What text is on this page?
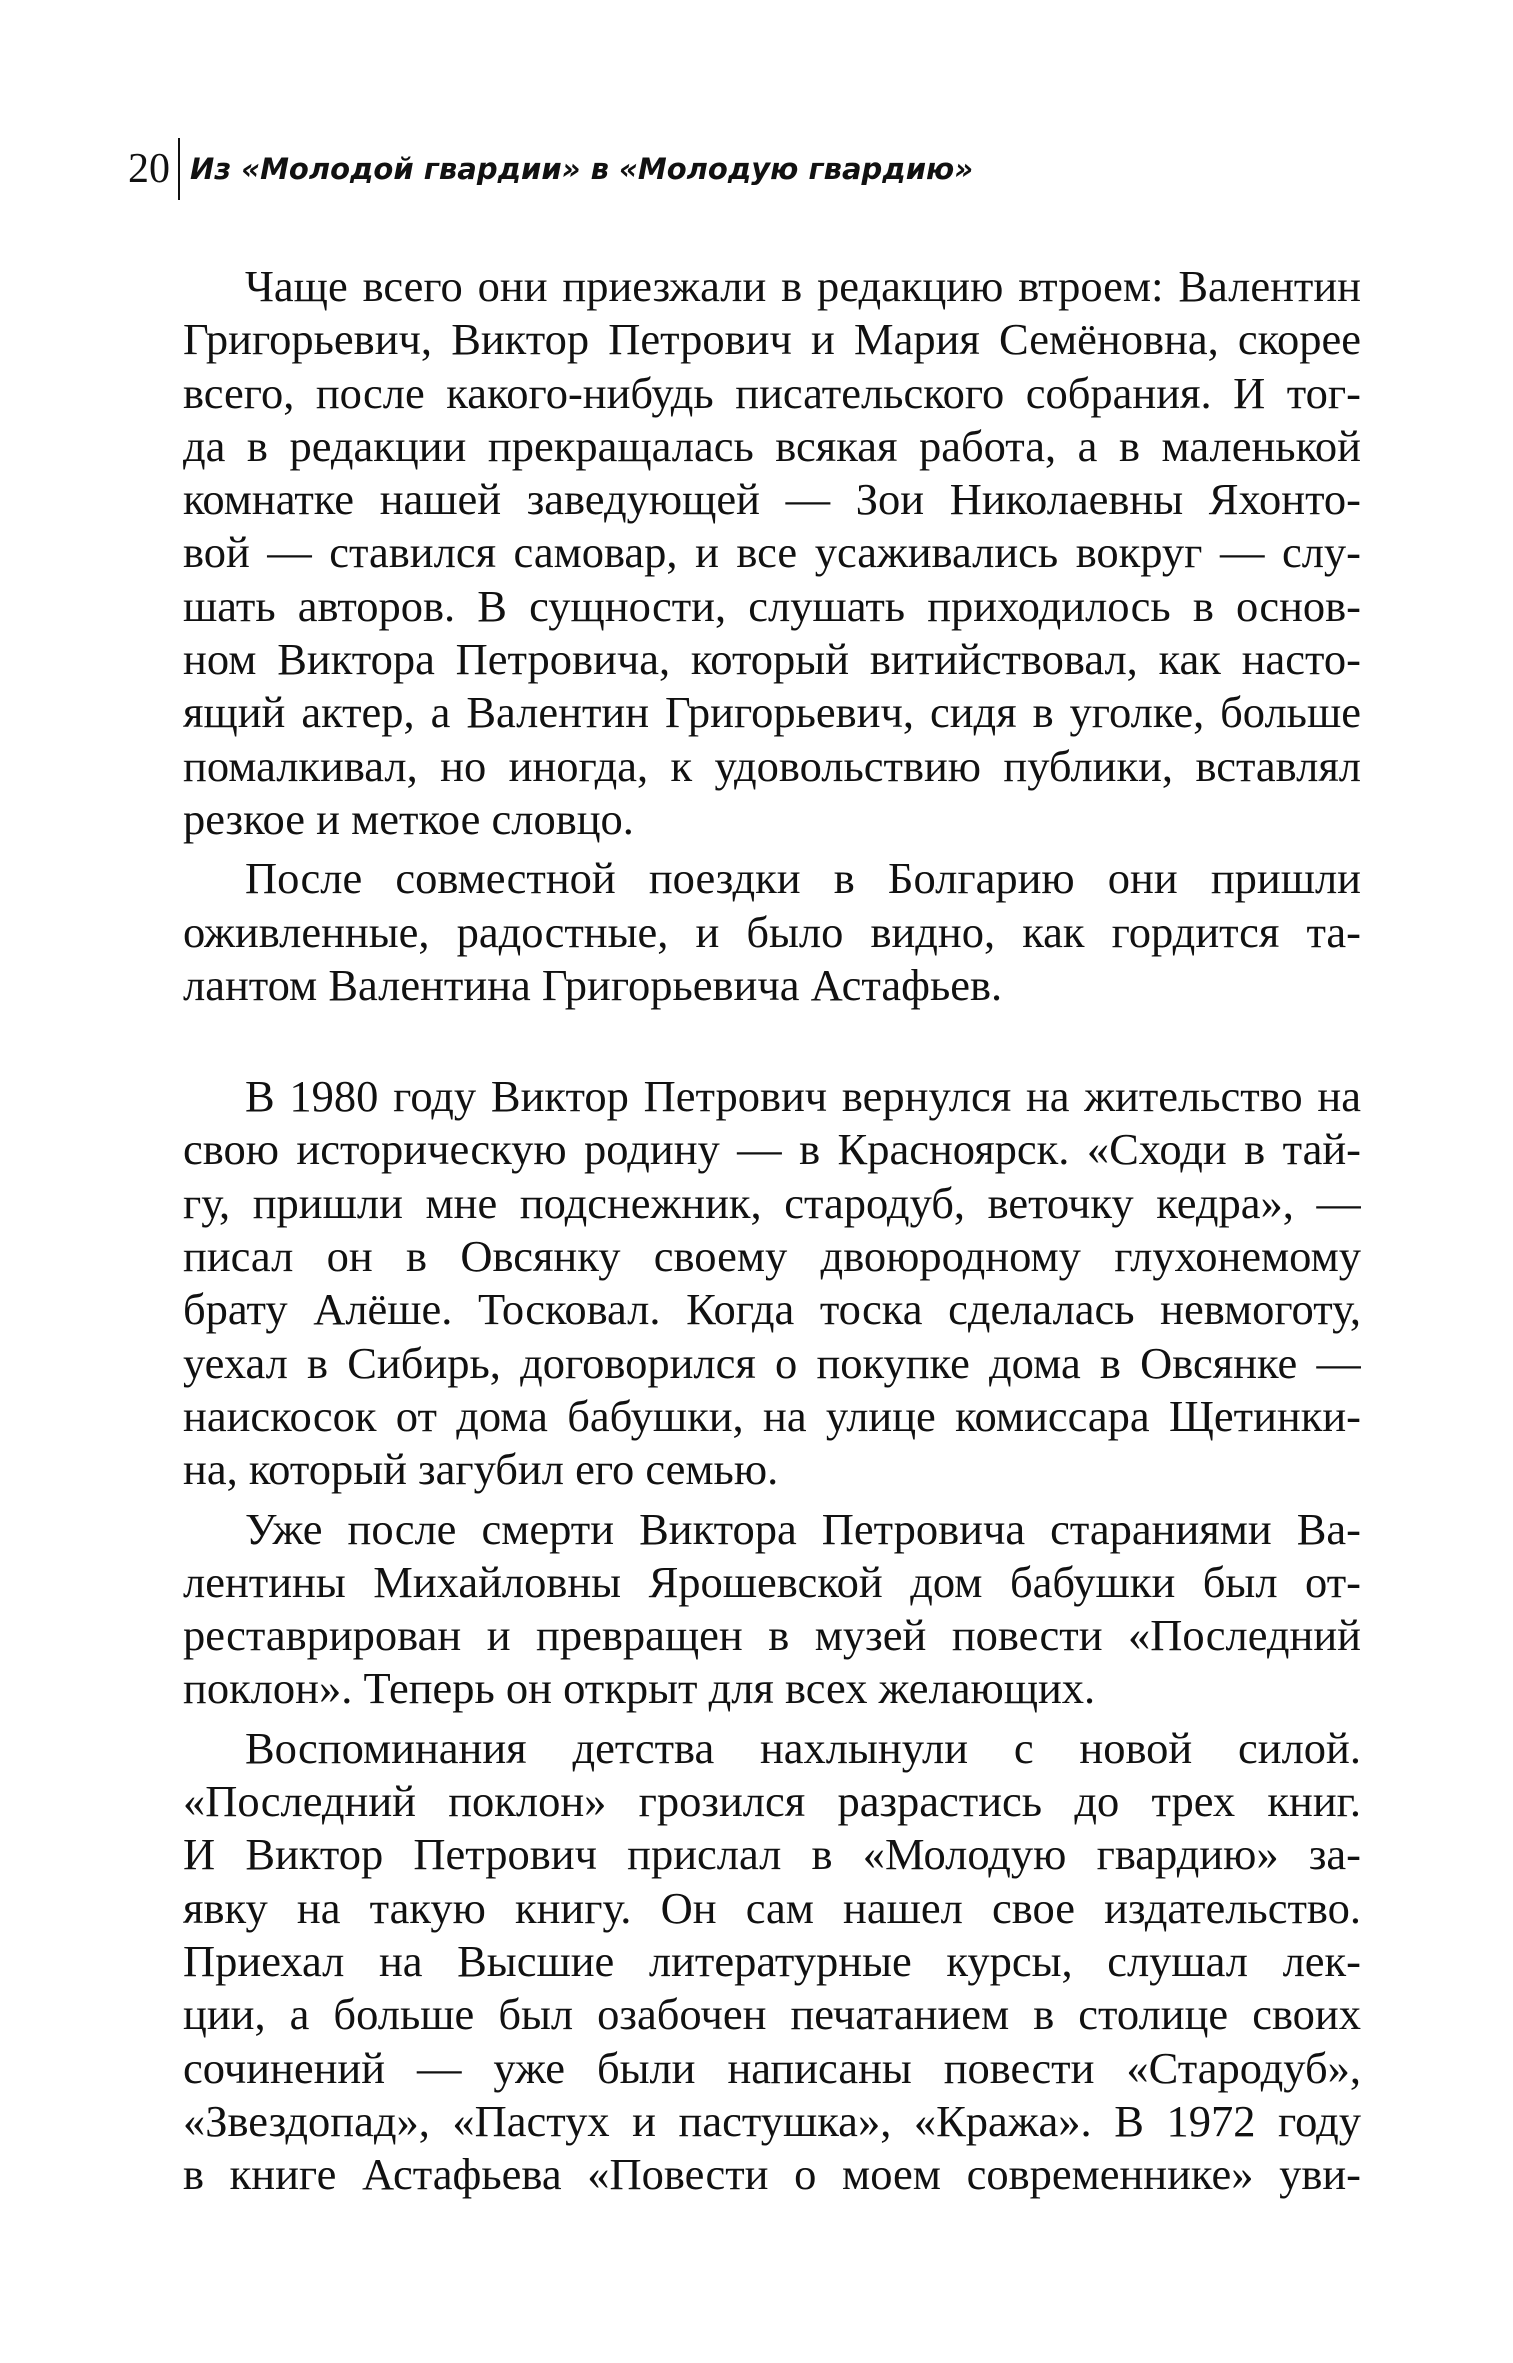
20 Из «Молодой гвардии» в «Молодую гвардию»

Чаще всего они приезжали в редакцию втроем: Валентин
Григорьевич, Виктор Петрович и Мария Семёновна, скорее
всего, после какого-нибудь писательского собрания. И тог-
да в редакции прекращалась всякая работа, а в маленькой
комнатке нашей заведующей — Зои Николаевны Яхонто-
вой — ставился самовар, и все усаживались вокруг — слу-
шать авторов. В сущности, слушать приходилось в основ-
ном Виктора Петровича, который витийствовал, как насто-
ящий актер, а Валентин Григорьевич, сидя в уголке, больше
помалкивал, но иногда, к удовольствию публики, вставлял
резкое и меткое словцо.

После совместной поездки в Болгарию они пришли
оживленные, радостные, и было видно, как гордится та-
лантом Валентина Григорьевича Астафьев.

В 1980 году Виктор Петрович вернулся на жительство на
свою историческую родину — в Красноярск. «Сходи в тай-
гу, пришли мне подснежник, стародуб, веточку кедра», —
писал он в Овсянку своему двоюродному глухонемому
брату Алёше. Тосковал. Когда тоска сделалась невмоготу,
уехал в Сибирь, договорился о покупке дома в Овсянке —
наискосок от дома бабушки, на улице комиссара Щетинки-
на, который загубил его семью.

Уже после смерти Виктора Петровича стараниями Ва-
лентины Михайловны Ярошевской дом бабушки был от-
реставрирован и превращен в музей повести «Последний
поклон». Теперь он открыт для всех желающих.

Воспоминания детства нахлынули с новой силой.
«Последний поклон» грозился разрастись до трех книг.
И Виктор Петрович прислал в «Молодую гвардию» за-
явку на такую книгу. Он сам нашел свое издательство.
Приехал на Высшие литературные курсы, слушал лек-
ции, а больше был озабочен печатанием в столице своих
сочинений — уже были написаны повести «Стародуб»,
«Звездопад», «Пастух и пастушка», «Кража». В 1972 году
в книге Астафьева «Повести о моем современнике» уви-
